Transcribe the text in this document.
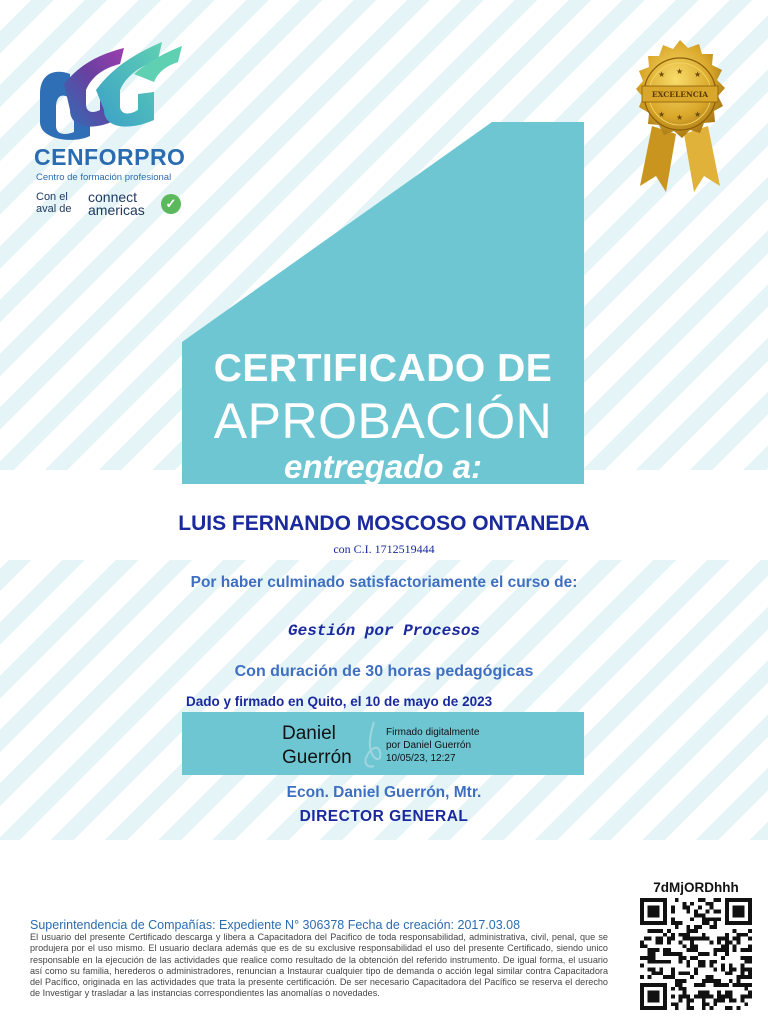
CENFORPRO
Centro de formación profesional
Con el
aval de
connect
americas	✓
★ ★ ★
★ ★ ★
EXCELENCIA
CERTIFICADO DE
APROBACIÓN
entregado a:
LUIS FERNANDO MOSCOSO ONTANEDA
con C.I. 1712519444
Por haber culminado satisfactoriamente el curso de:
Gestión por Procesos
Con duración de 30 horas pedagógicas
Dado y firmado en Quito, el 10 de mayo de 2023
Daniel
Guerrón
Firmado digitalmente
por Daniel Guerrón
10/05/23, 12:27
Econ. Daniel Guerrón, Mtr.
DIRECTOR GENERAL
7dMjORDhhh
Superintendencia de Compañías: Expediente N° 306378 Fecha de creación: 2017.03.08
El usuario del presente Certificado descarga y libera a Capacitadora del Pacifico de toda responsabilidad, administrativa, civil, penal, que se produjera por el uso mismo. El usuario declara además que es de su exclusive responsabilidad el uso del presente Certificado, siendo unico responsable en la ejecución de las actividades que realice como resultado de la obtención del referido instrumento. De igual forma, el usuario así como su familia, herederos o administradores, renuncian a Instaurar cualquier tipo de demanda o acción legal similar contra Capacitadora del Pacífico, originada en las actividades que trata la presente certificación. De ser necesario Capacitadora del Pacífico se reserva el derecho de Investigar y trasladar a las instancias correspondientes las anomalías o novedades.
